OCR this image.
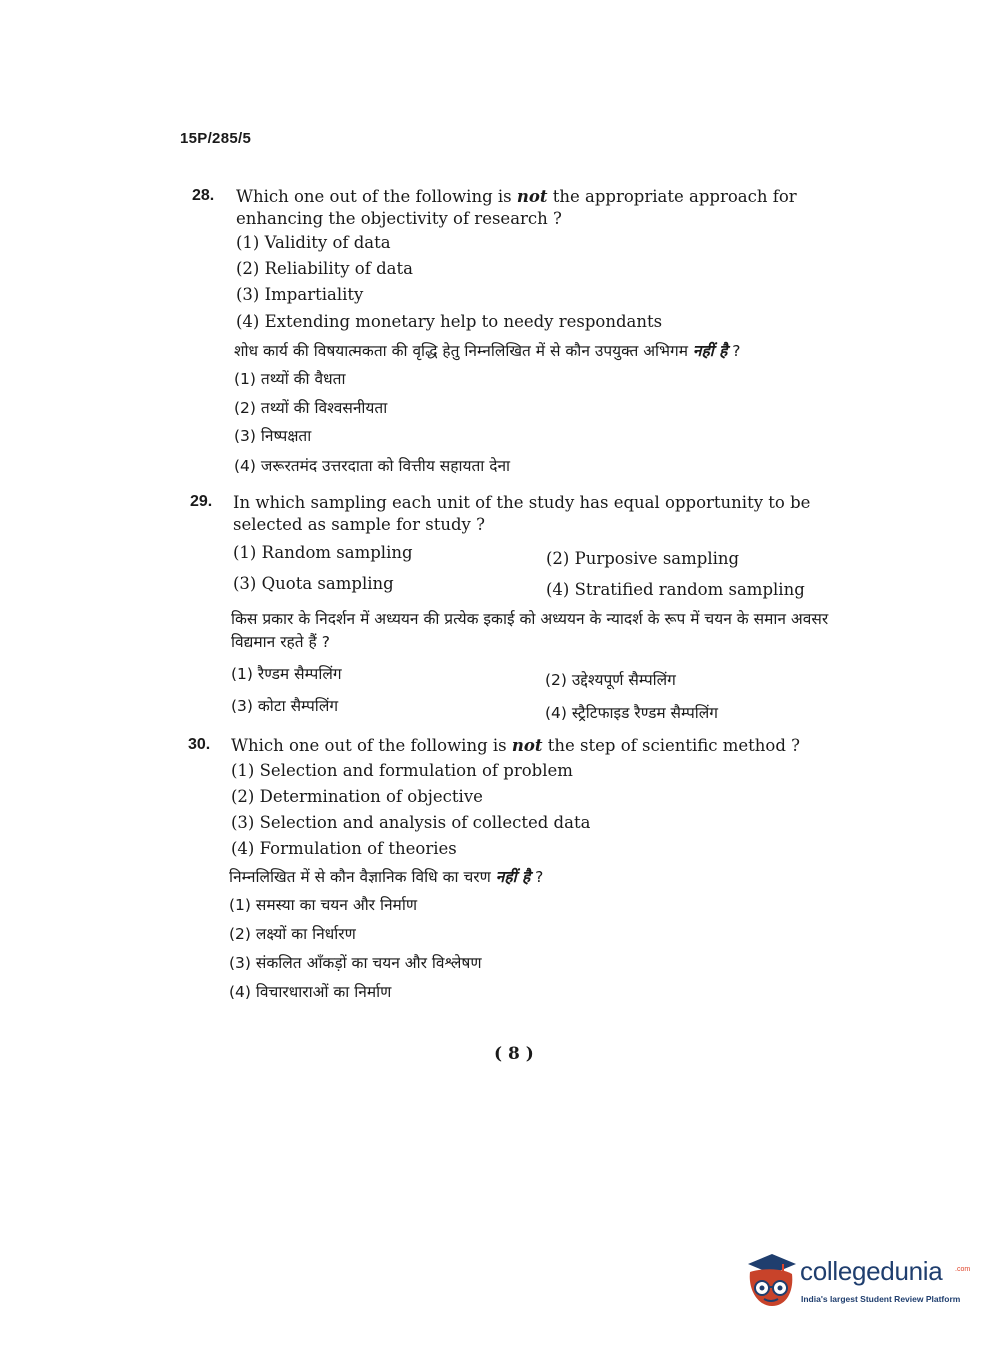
15P/285/5
28. Which one out of the following is not the appropriate approach for enhancing the objectivity of research ?
(1) Validity of data
(2) Reliability of data
(3) Impartiality
(4) Extending monetary help to needy respondants
शोध कार्य की विषयात्मकता की वृद्धि हेतु निम्नलिखित में से कौन उपयुक्त अभिगम नहीं है ?
(1) तथ्यों की वैधता
(2) तथ्यों की विश्वसनीयता
(3) निष्पक्षता
(4) जरूरतमंद उत्तरदाता को वित्तीय सहायता देना
29. In which sampling each unit of the study has equal opportunity to be selected as sample for study ?
(1) Random sampling	(2) Purposive sampling
(3) Quota sampling	(4) Stratified random sampling
किस प्रकार के निदर्शन में अध्ययन की प्रत्येक इकाई को अध्ययन के न्यादर्श के रूप में चयन के समान अवसर विद्यमान रहते हैं ?
(1) रैण्डम सैम्पलिंग	(2) उद्देश्यपूर्ण सैम्पलिंग
(3) कोटा सैम्पलिंग	(4) स्ट्रैटिफाइड रैण्डम सैम्पलिंग
30. Which one out of the following is not the step of scientific method ?
(1) Selection and formulation of problem
(2) Determination of objective
(3) Selection and analysis of collected data
(4) Formulation of theories
निम्नलिखित में से कौन वैज्ञानिक विधि का चरण नहीं है ?
(1) समस्या का चयन और निर्माण
(2) लक्ष्यों का निर्धारण
(3) संकलित आँकड़ों का चयन और विश्लेषण
(4) विचारधाराओं का निर्माण
( 8 )
collegedunia .com
India's largest Student Review Platform
